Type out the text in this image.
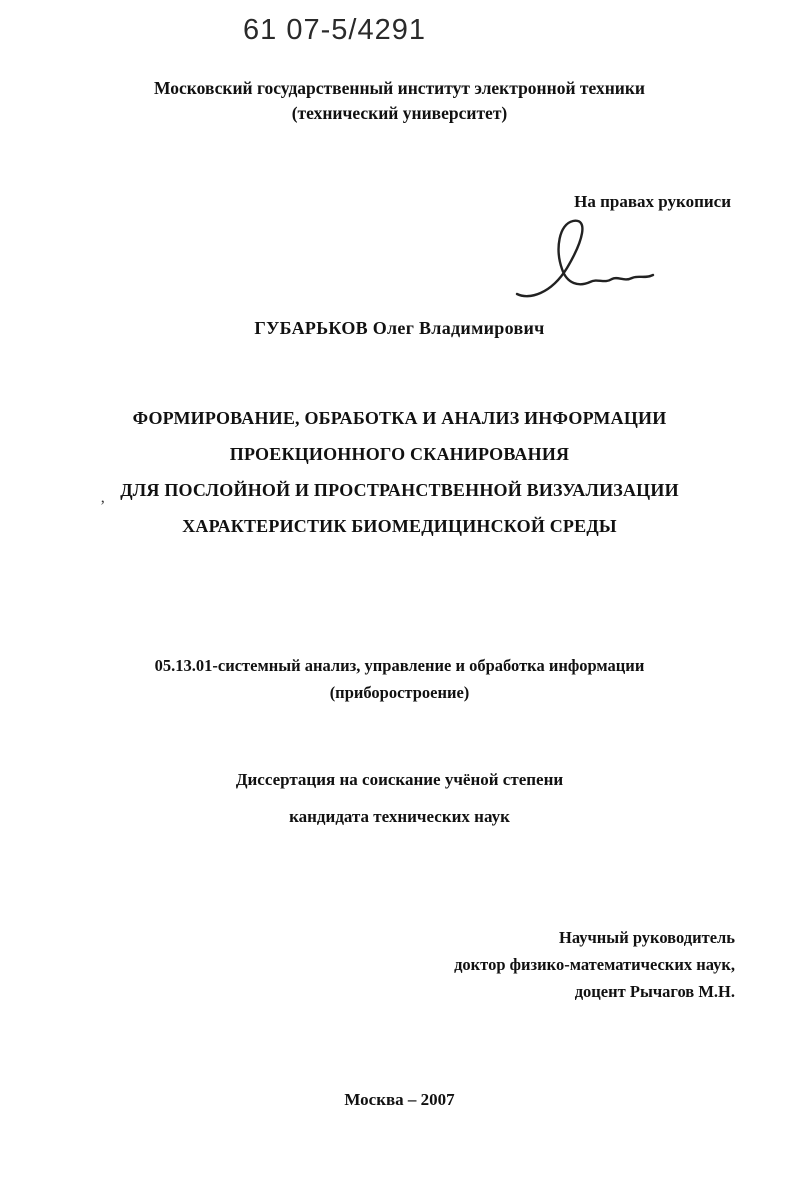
61 07-5/4291
Московский государственный институт электронной техники
(технический университет)
На правах рукописи
ГУБАРЬКОВ Олег Владимирович
ФОРМИРОВАНИЕ, ОБРАБОТКА И АНАЛИЗ ИНФОРМАЦИИ
ПРОЕКЦИОННОГО СКАНИРОВАНИЯ
ДЛЯ ПОСЛОЙНОЙ И ПРОСТРАНСТВЕННОЙ ВИЗУАЛИЗАЦИИ
ХАРАКТЕРИСТИК БИОМЕДИЦИНСКОЙ СРЕДЫ
’
05.13.01-системный анализ, управление и обработка информации
(приборостроение)
Диссертация на соискание учёной степени
кандидата технических наук
Научный руководитель
доктор физико-математических наук,
доцент Рычагов М.Н.
Москва – 2007
